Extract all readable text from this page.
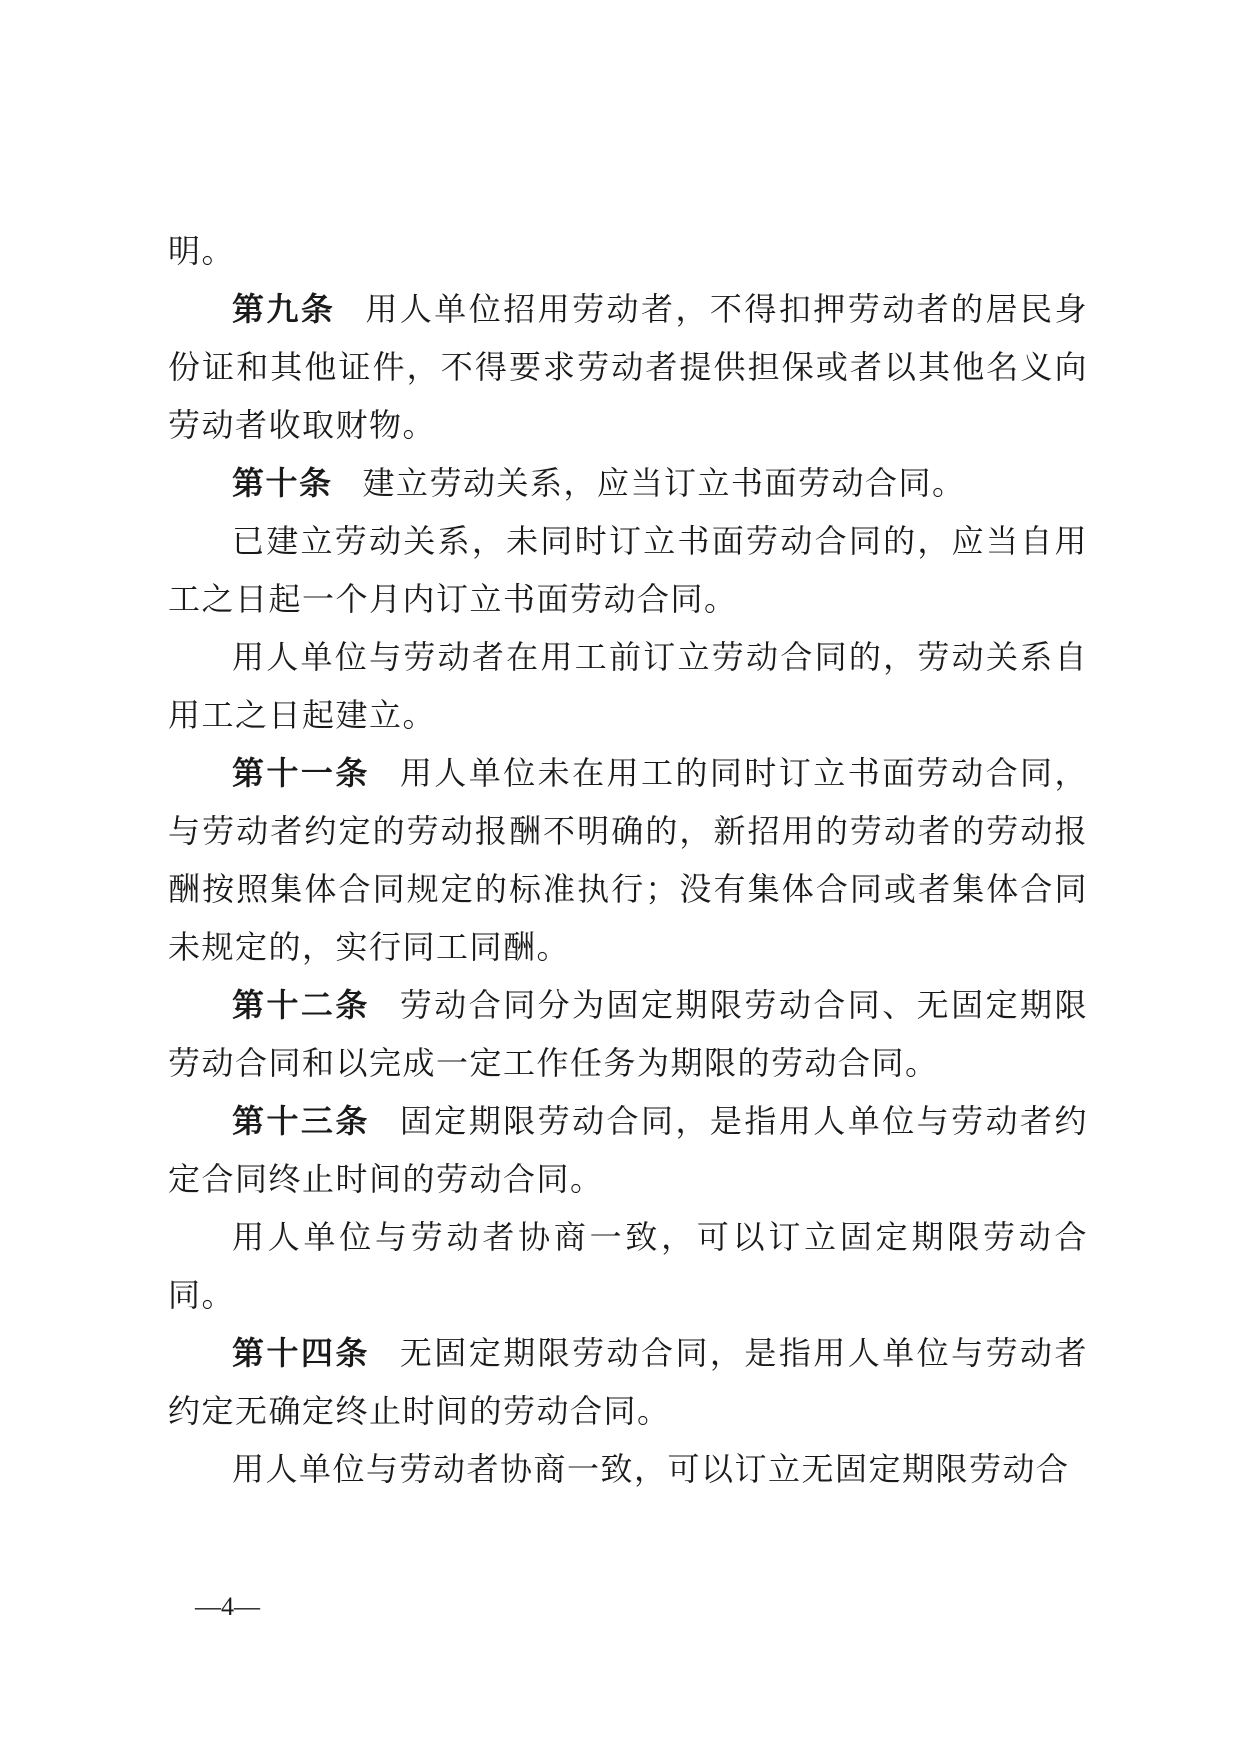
明。

第九条 用人单位招用劳动者，不得扣押劳动者的居民身份证和其他证件，不得要求劳动者提供担保或者以其他名义向劳动者收取财物。

第十条 建立劳动关系，应当订立书面劳动合同。

已建立劳动关系，未同时订立书面劳动合同的，应当自用工之日起一个月内订立书面劳动合同。

用人单位与劳动者在用工前订立劳动合同的，劳动关系自用工之日起建立。

第十一条 用人单位未在用工的同时订立书面劳动合同，与劳动者约定的劳动报酬不明确的，新招用的劳动者的劳动报酬按照集体合同规定的标准执行；没有集体合同或者集体合同未规定的，实行同工同酬。

第十二条 劳动合同分为固定期限劳动合同、无固定期限劳动合同和以完成一定工作任务为期限的劳动合同。

第十三条 固定期限劳动合同，是指用人单位与劳动者约定合同终止时间的劳动合同。

用人单位与劳动者协商一致，可以订立固定期限劳动合同。

第十四条 无固定期限劳动合同，是指用人单位与劳动者约定无确定终止时间的劳动合同。

用人单位与劳动者协商一致，可以订立无固定期限劳动合

—4—
